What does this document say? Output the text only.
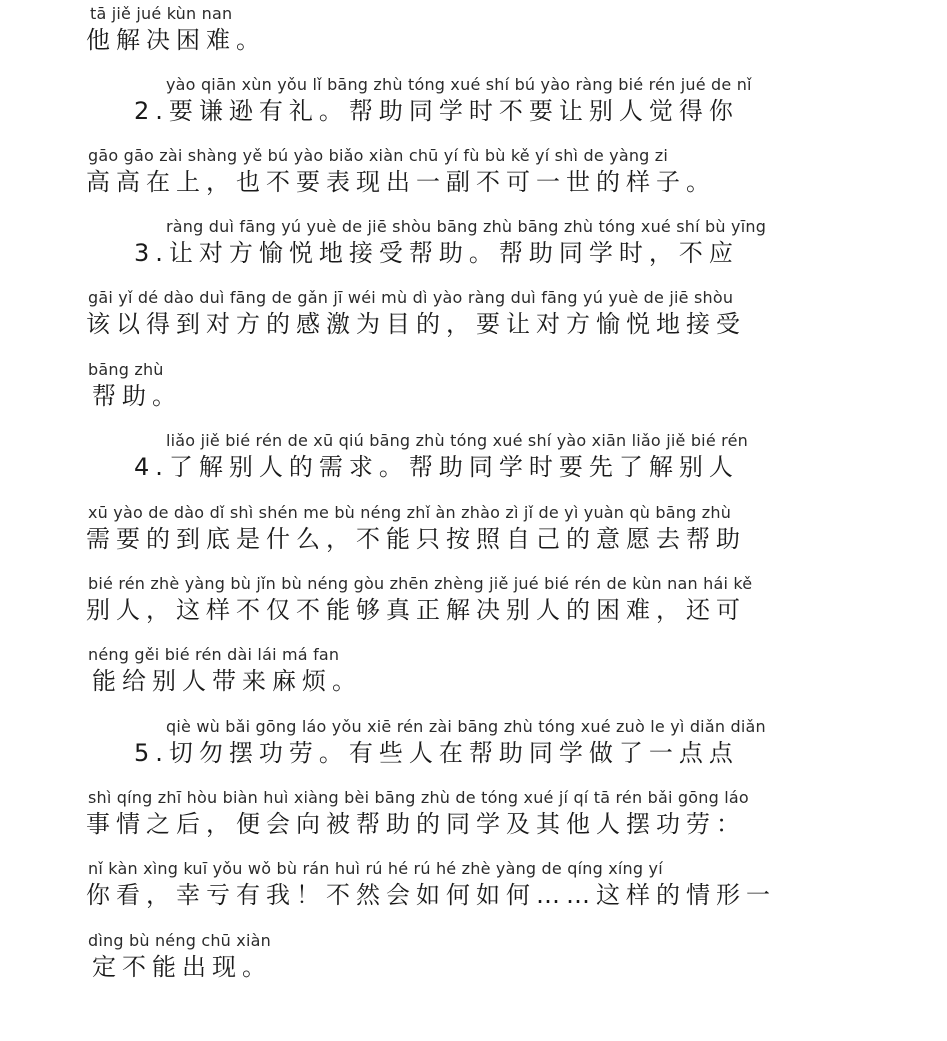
tā jiě jué kùn nan
他解决困难。
yào qiān xùn yǒu lǐ bāng zhù tóng xué shí bú yào ràng bié rén jué de nǐ
2.要谦逊有礼。帮助同学时不要让别人觉得你
gāo gāo zài shàng yě bú yào biǎo xiàn chū yí fù bù kě yí shì de yàng zi
高高在上，也不要表现出一副不可一世的样子。
ràng duì fāng yú yuè de jiē shòu bāng zhù bāng zhù tóng xué shí bù yīng
3.让对方愉悦地接受帮助。帮助同学时，不应
gāi yǐ dé dào duì fāng de gǎn jī wéi mù dì yào ràng duì fāng yú yuè de jiē shòu
该以得到对方的感激为目的，要让对方愉悦地接受
bāng zhù
帮助。
liǎo jiě bié rén de xū qiú bāng zhù tóng xué shí yào xiān liǎo jiě bié rén
4.了解别人的需求。帮助同学时要先了解别人
xū yào de dào dǐ shì shén me bù néng zhǐ àn zhào zì jǐ de yì yuàn qù bāng zhù
需要的到底是什么，不能只按照自己的意愿去帮助
bié rén zhè yàng bù jǐn bù néng gòu zhēn zhèng jiě jué bié rén de kùn nan hái kě
别人，这样不仅不能够真正解决别人的困难，还可
néng gěi bié rén dài lái má fan
能给别人带来麻烦。
qiè wù bǎi gōng láo yǒu xiē rén zài bāng zhù tóng xué zuò le yì diǎn diǎn
5.切勿摆功劳。有些人在帮助同学做了一点点
shì qíng zhī hòu biàn huì xiàng bèi bāng zhù de tóng xué jí qí tā rén bǎi gōng láo
事情之后，便会向被帮助的同学及其他人摆功劳：
nǐ kàn xìng kuī yǒu wǒ bù rán huì rú hé rú hé zhè yàng de qíng xíng yí
你看，幸亏有我！不然会如何如何……这样的情形一
dìng bù néng chū xiàn
定不能出现。
